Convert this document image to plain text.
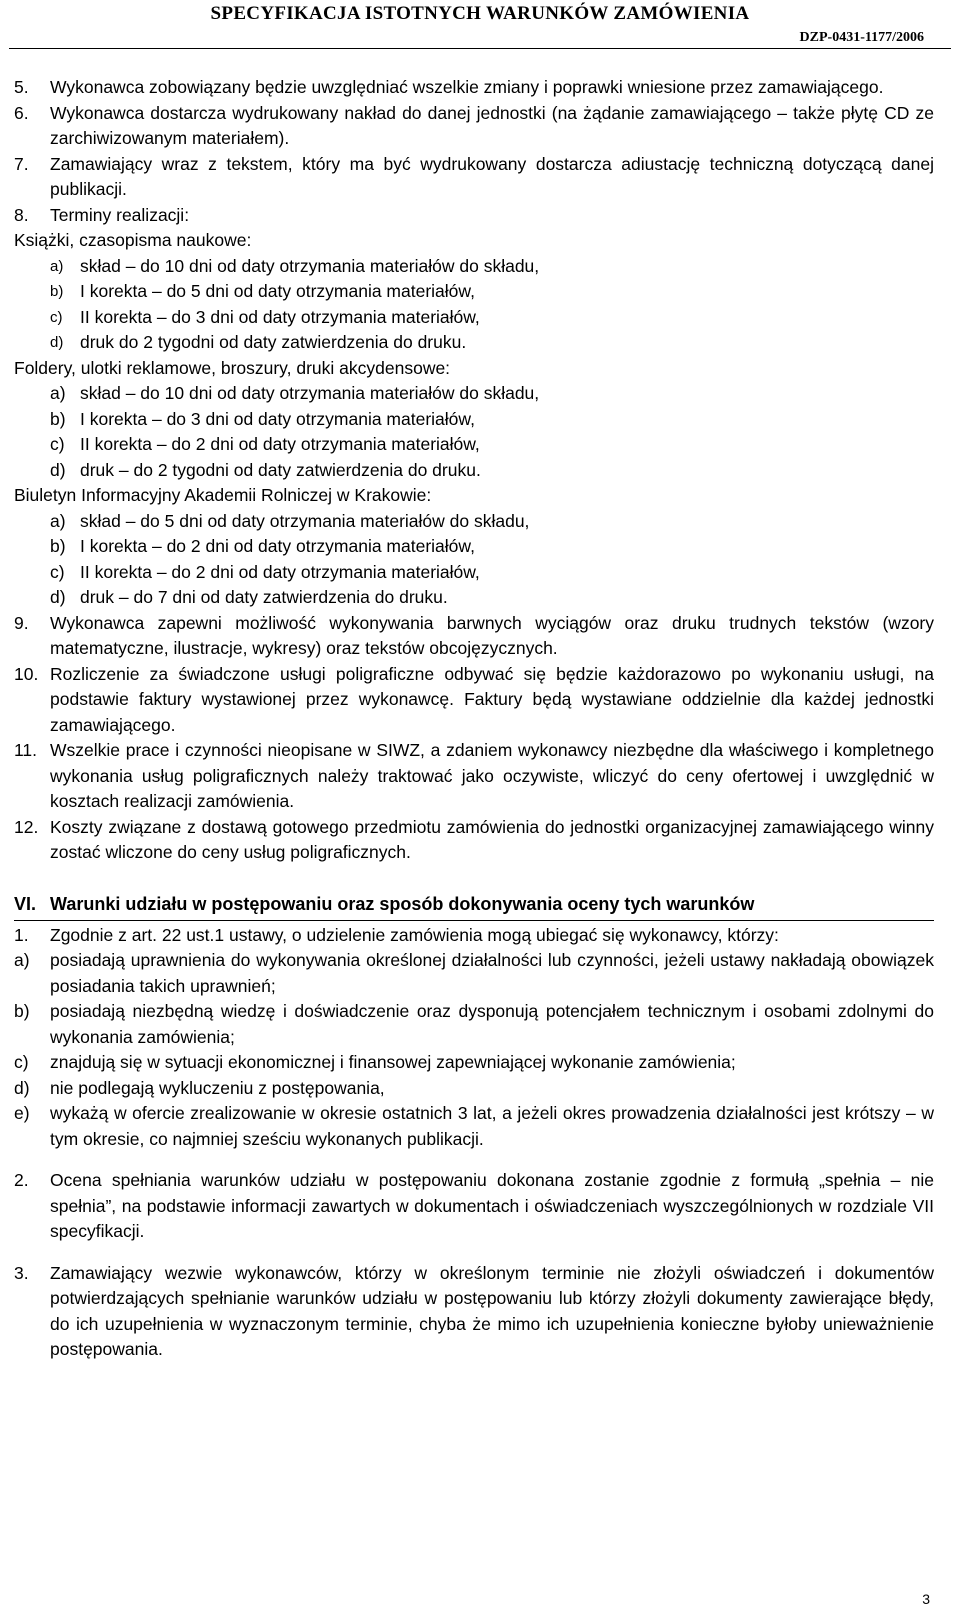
SPECYFIKACJA ISTOTNYCH WARUNKÓW ZAMÓWIENIA
DZP-0431-1177/2006
5. Wykonawca zobowiązany będzie uwzględniać wszelkie zmiany i poprawki wniesione przez zamawiającego.
6. Wykonawca dostarcza wydrukowany nakład do danej jednostki (na żądanie zamawiającego – także płytę CD ze zarchiwizowanym materiałem).
7. Zamawiający wraz z tekstem, który ma być wydrukowany dostarcza adiustację techniczną dotyczącą danej publikacji.
8. Terminy realizacji:
Książki, czasopisma naukowe:
a) skład – do 10 dni od daty otrzymania materiałów do składu,
b) I korekta – do 5 dni od daty otrzymania materiałów,
c) II korekta – do 3 dni od daty otrzymania materiałów,
d) druk do 2 tygodni od daty zatwierdzenia do druku.
Foldery, ulotki reklamowe, broszury, druki akcydensowe:
a) skład – do 10 dni od daty otrzymania materiałów do składu,
b) I korekta – do 3 dni od daty otrzymania materiałów,
c) II korekta – do 2 dni od daty otrzymania materiałów,
d) druk – do 2 tygodni od daty zatwierdzenia do druku.
Biuletyn Informacyjny Akademii Rolniczej w Krakowie:
a) skład – do 5 dni od daty otrzymania materiałów do składu,
b) I korekta – do 2 dni od daty otrzymania materiałów,
c) II korekta – do 2 dni od daty otrzymania materiałów,
d) druk – do 7 dni od daty zatwierdzenia do druku.
9. Wykonawca zapewni możliwość wykonywania barwnych wyciągów oraz druku trudnych tekstów (wzory matematyczne, ilustracje, wykresy) oraz tekstów obcojęzycznych.
10. Rozliczenie za świadczone usługi poligraficzne odbywać się będzie każdorazowo po wykonaniu usługi, na podstawie faktury wystawionej przez wykonawcę. Faktury będą wystawiane oddzielnie dla każdej jednostki zamawiającego.
11. Wszelkie prace i czynności nieopisane w SIWZ, a zdaniem wykonawcy niezbędne dla właściwego i kompletnego wykonania usług poligraficznych należy traktować jako oczywiste, wliczyć do ceny ofertowej i uwzględnić w kosztach realizacji zamówienia.
12. Koszty związane z dostawą gotowego przedmiotu zamówienia do jednostki organizacyjnej zamawiającego winny zostać wliczone do ceny usług poligraficznych.
VI. Warunki udziału w postępowaniu oraz sposób dokonywania oceny tych warunków
1. Zgodnie z art. 22 ust.1 ustawy, o udzielenie zamówienia mogą ubiegać się wykonawcy, którzy:
a) posiadają uprawnienia do wykonywania określonej działalności lub czynności, jeżeli ustawy nakładają obowiązek posiadania takich uprawnień;
b) posiadają niezbędną wiedzę i doświadczenie oraz dysponują potencjałem technicznym i osobami zdolnymi do wykonania zamówienia;
c) znajdują się w sytuacji ekonomicznej i finansowej zapewniającej wykonanie zamówienia;
d) nie podlegają wykluczeniu z postępowania,
e) wykażą w ofercie zrealizowanie w okresie ostatnich 3 lat, a jeżeli okres prowadzenia działalności jest krótszy – w tym okresie, co najmniej sześciu wykonanych publikacji.
2. Ocena spełniania warunków udziału w postępowaniu dokonana zostanie zgodnie z formułą „spełnia – nie spełnia”, na podstawie informacji zawartych w dokumentach i oświadczeniach wyszczególnionych w rozdziale VII specyfikacji.
3. Zamawiający wezwie wykonawców, którzy w określonym terminie nie złożyli oświadczeń i dokumentów potwierdzających spełnianie warunków udziału w postępowaniu lub którzy złożyli dokumenty zawierające błędy, do ich uzupełnienia w wyznaczonym terminie, chyba że mimo ich uzupełnienia konieczne byłoby unieważnienie postępowania.
3
